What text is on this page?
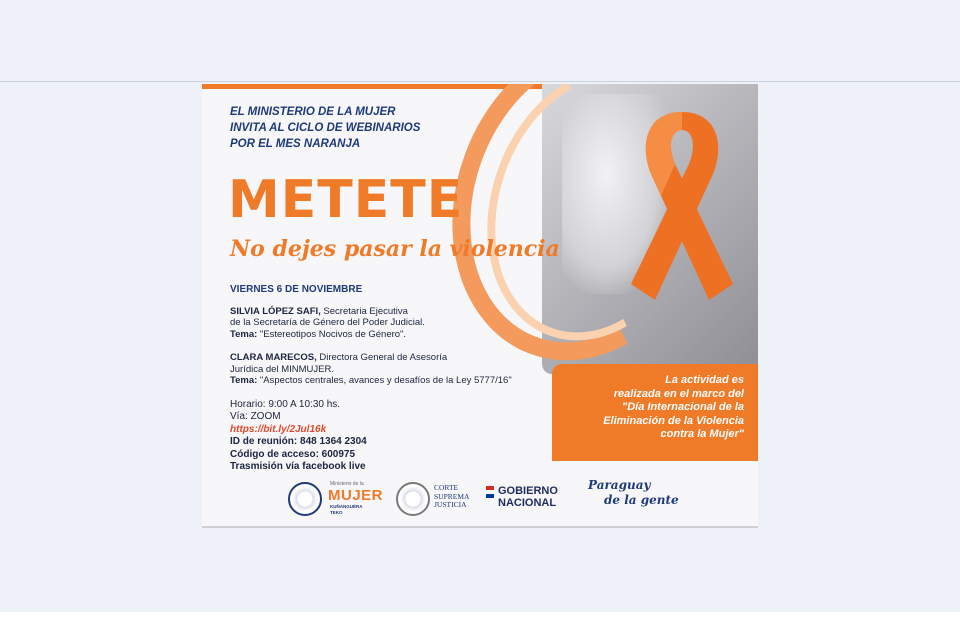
EL MINISTERIO DE LA MUJER
INVITA AL CICLO DE WEBINARIOS
POR EL MES NARANJA
METETE
No dejes pasar la violencia
VIERNES 6 DE NOVIEMBRE
SILVIA LÓPEZ SAFI, Secretaria Ejecutiva
de la Secretaría de Género del Poder Judicial.
Tema: "Estereotipos Nocivos de Género".
CLARA MARECOS, Directora General de Asesoría
Jurídica del MINMUJER.
Tema: "Aspectos centrales, avances y desafíos de la Ley 5777/16"
Horario: 9:00 A 10:30 hs.
Vía: ZOOM
https://bit.ly/2Jul16k
ID de reunión: 848 1364 2304
Código de acceso: 600975
Trasmisión vía facebook live
La actividad es
realizada en el marco del
"Día Internacional de la
Eliminación de la Violencia
contra la Mujer"
Ministerio de la
MUJER
KUÑANGUÉRA
TEKO
CORTE
SUPREMA
JUSTICIA
GOBIERNO
NACIONAL
Paraguay
de la gente
